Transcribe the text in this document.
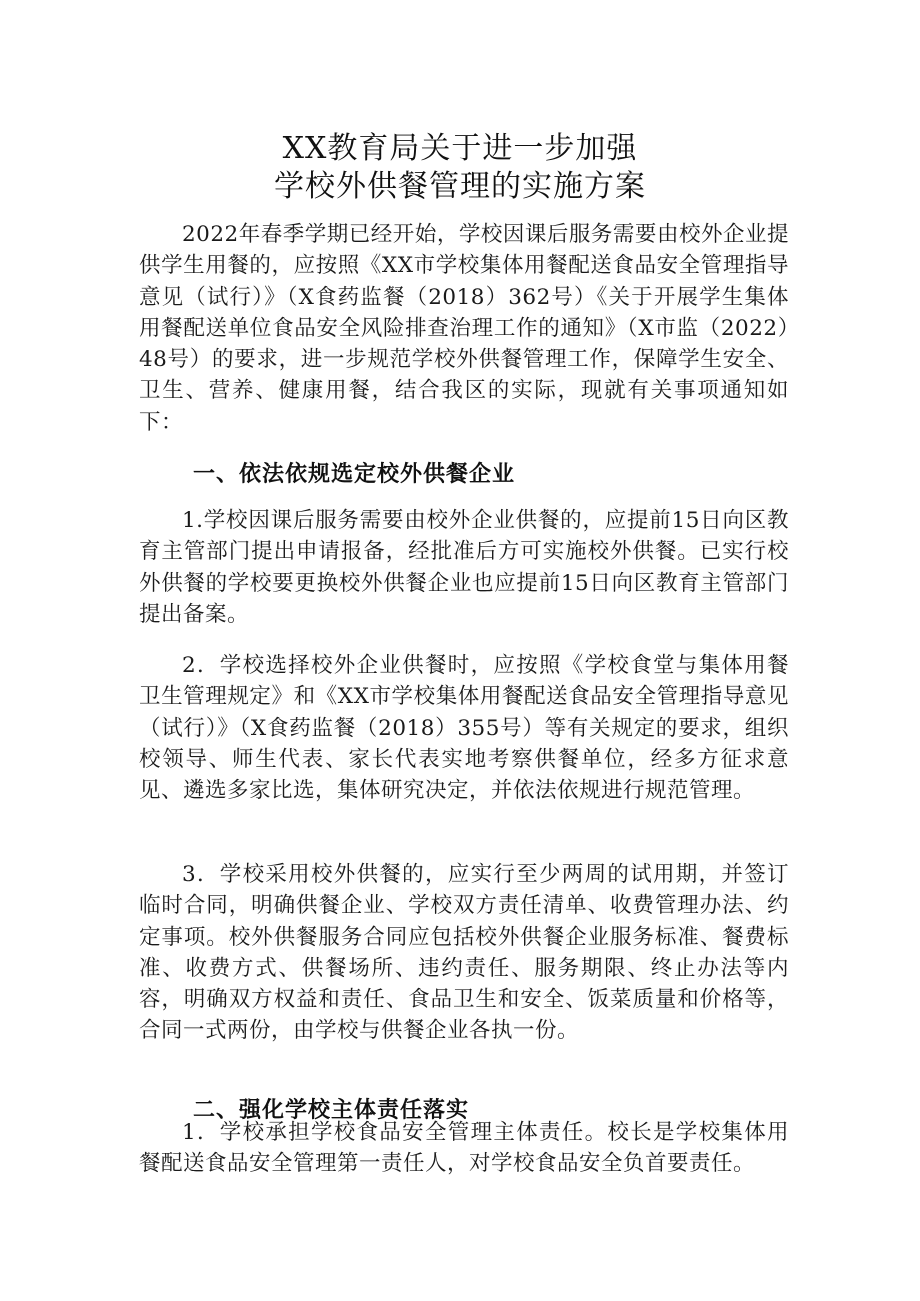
XX教育局关于进一步加强
学校外供餐管理的实施方案

2022年春季学期已经开始，学校因课后服务需要由校外企业提供学生用餐的，应按照《XX市学校集体用餐配送食品安全管理指导意见（试行）》（X食药监餐（2018）362号）《关于开展学生集体用餐配送单位食品安全风险排查治理工作的通知》（X市监（2022）48号）的要求，进一步规范学校外供餐管理工作，保障学生安全、卫生、营养、健康用餐，结合我区的实际，现就有关事项通知如下：

一、依法依规选定校外供餐企业

1.学校因课后服务需要由校外企业供餐的，应提前15日向区教育主管部门提出申请报备，经批准后方可实施校外供餐。已实行校外供餐的学校要更换校外供餐企业也应提前15日向区教育主管部门提出备案。

2．学校选择校外企业供餐时，应按照《学校食堂与集体用餐卫生管理规定》和《XX市学校集体用餐配送食品安全管理指导意见（试行）》（X食药监餐（2018）355号）等有关规定的要求，组织校领导、师生代表、家长代表实地考察供餐单位，经多方征求意见、遴选多家比选，集体研究决定，并依法依规进行规范管理。

3．学校采用校外供餐的，应实行至少两周的试用期，并签订临时合同，明确供餐企业、学校双方责任清单、收费管理办法、约定事项。校外供餐服务合同应包括校外供餐企业服务标准、餐费标准、收费方式、供餐场所、违约责任、服务期限、终止办法等内容，明确双方权益和责任、食品卫生和安全、饭菜质量和价格等，合同一式两份，由学校与供餐企业各执一份。

二、强化学校主体责任落实

1．学校承担学校食品安全管理主体责任。校长是学校集体用餐配送食品安全管理第一责任人，对学校食品安全负首要责任。
